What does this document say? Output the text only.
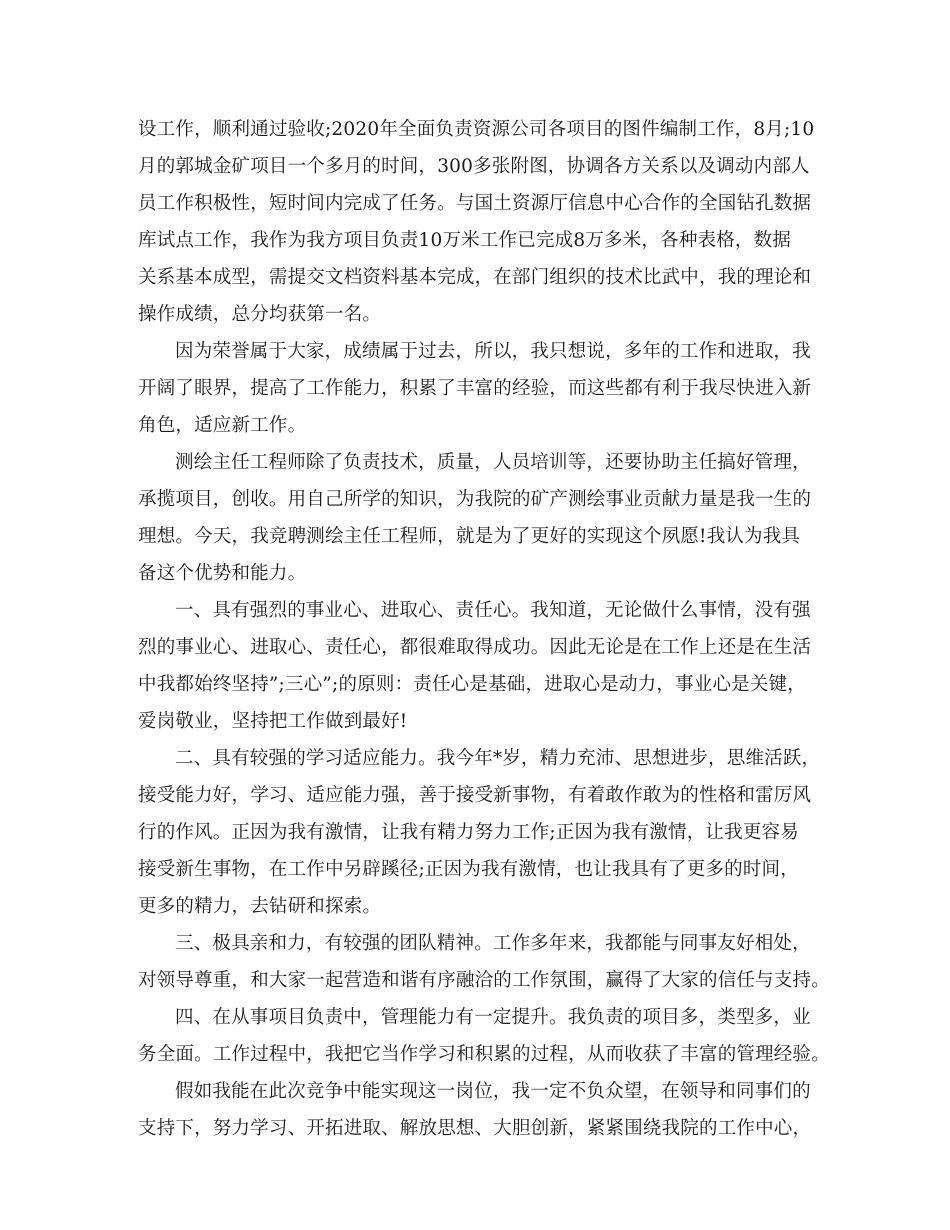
设工作，顺利通过验收;2020年全面负责资源公司各项目的图件编制工作，8月;10
月的郭城金矿项目一个多月的时间，300多张附图，协调各方关系以及调动内部人
员工作积极性，短时间内完成了任务。与国土资源厅信息中心合作的全国钻孔数据
库试点工作，我作为我方项目负责10万米工作已完成8万多米，各种表格，数据
关系基本成型，需提交文档资料基本完成，在部门组织的技术比武中，我的理论和
操作成绩，总分均获第一名。
因为荣誉属于大家，成绩属于过去，所以，我只想说，多年的工作和进取，我
开阔了眼界，提高了工作能力，积累了丰富的经验，而这些都有利于我尽快进入新
角色，适应新工作。
测绘主任工程师除了负责技术，质量，人员培训等，还要协助主任搞好管理，
承揽项目，创收。用自己所学的知识，为我院的矿产测绘事业贡献力量是我一生的
理想。今天，我竞聘测绘主任工程师，就是为了更好的实现这个夙愿!我认为我具
备这个优势和能力。
一、具有强烈的事业心、进取心、责任心。我知道，无论做什么事情，没有强
烈的事业心、进取心、责任心，都很难取得成功。因此无论是在工作上还是在生活
中我都始终坚持”;三心”;的原则：责任心是基础，进取心是动力，事业心是关键，
爱岗敬业，坚持把工作做到最好!
二、具有较强的学习适应能力。我今年*岁，精力充沛、思想进步，思维活跃，
接受能力好，学习、适应能力强，善于接受新事物，有着敢作敢为的性格和雷厉风
行的作风。正因为我有激情，让我有精力努力工作;正因为我有激情，让我更容易
接受新生事物，在工作中另辟蹊径;正因为我有激情，也让我具有了更多的时间，
更多的精力，去钻研和探索。
三、极具亲和力，有较强的团队精神。工作多年来，我都能与同事友好相处，
对领导尊重，和大家一起营造和谐有序融洽的工作氛围，赢得了大家的信任与支持。
四、在从事项目负责中，管理能力有一定提升。我负责的项目多，类型多，业
务全面。工作过程中，我把它当作学习和积累的过程，从而收获了丰富的管理经验。
假如我能在此次竞争中能实现这一岗位，我一定不负众望，在领导和同事们的
支持下，努力学习、开拓进取、解放思想、大胆创新，紧紧围绕我院的工作中心，
